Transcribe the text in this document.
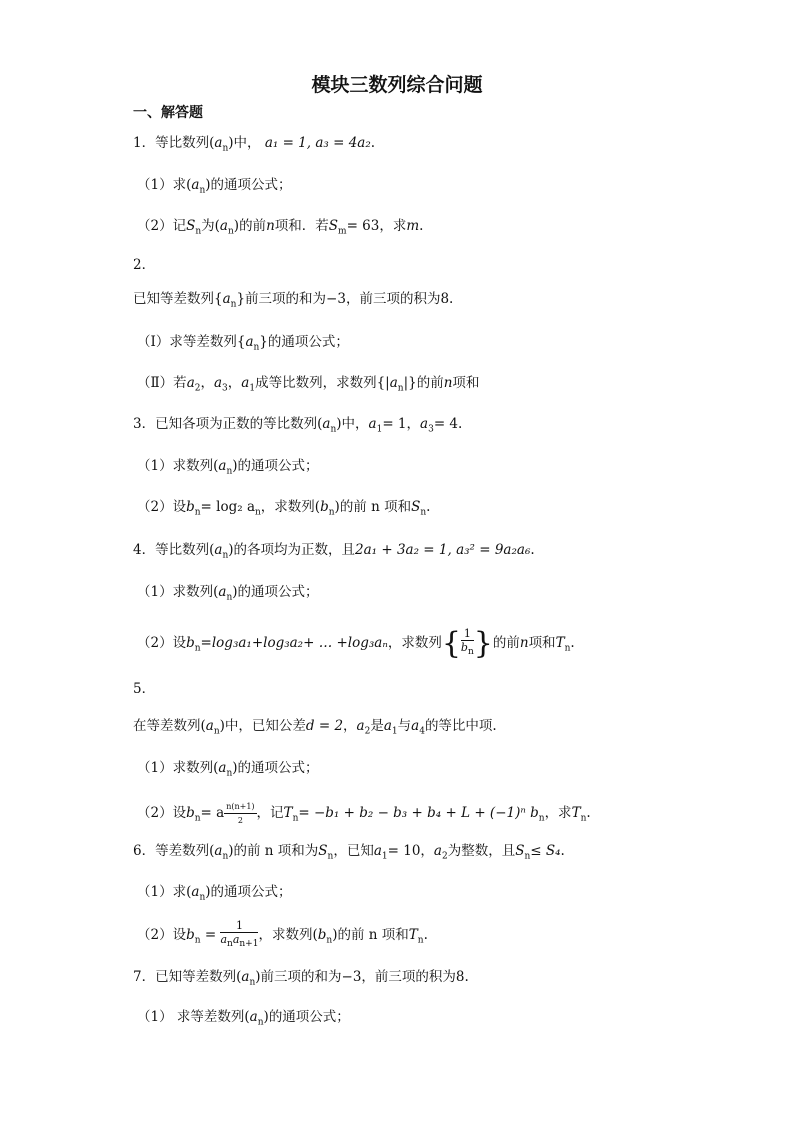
模块三数列综合问题
一、解答题
1．等比数列$(a_n)$中， a₁ = 1, a₃ = 4a₂.
（1）求$(a_n)$的通项公式；
（2）记$S_n$为$(a_n)$的前n项和．若$S_m= 63$，求m.
2．
已知等差数列$\{a_n\}$前三项的和为−3，前三项的积为8.
（Ⅰ）求等差数列$\{a_n\}$的通项公式；
（Ⅱ）若$a_2$，$a_3$，$a_1$成等比数列，求数列$\{|a_n|\}$的前n项和
3．已知各项为正数的等比数列$(a_n)$中，$a_1= 1$，$a_3= 4$.
（1）求数列$(a_n)$的通项公式；
（2）设$b_n= \log_2$ $a_n$，求数列$(b_n)$的前 n 项和$S_n$.
4．等比数列$(a_n)$的各项均为正数，且2a₁ + 3a₂ = 1, a₃² = 9a₂a₆.
（1）求数列$(a_n)$的通项公式；
（2）设$b_n=\log_3a_1+\log_3a_2+$ … +log₃aₙ，求数列{ $\frac{1}{b_n}$ }的前n项和$T_n$.
5．
在等差数列$(a_n)$中，已知公差d = 2，$a_2$是$a_1$与$a_4$的等比中项.
（1）求数列$(a_n)$的通项公式；
（2）设$b_n= a \frac{n(n+1)}{2}$ ，记$T_n= -b_1 + b_2 - b_3 + b_4 + L + (-1)^n$ $b_n$，求$T_n$.
6．等差数列$(a_n)$的前 n 项和为$S_n$，已知$a_1= 10$，$a_2$为整数，且$S_n\le S_4$.
（1）求$(a_n)$的通项公式；
（2）设$b_n = \frac{1}{a_na_{n+1}}$ ，求数列$(b_n)$的前 n 项和$T_n$.
7．已知等差数列$(a_n)$前三项的和为−3，前三项的积为8.
（1） 求等差数列$(a_n)$的通项公式；
